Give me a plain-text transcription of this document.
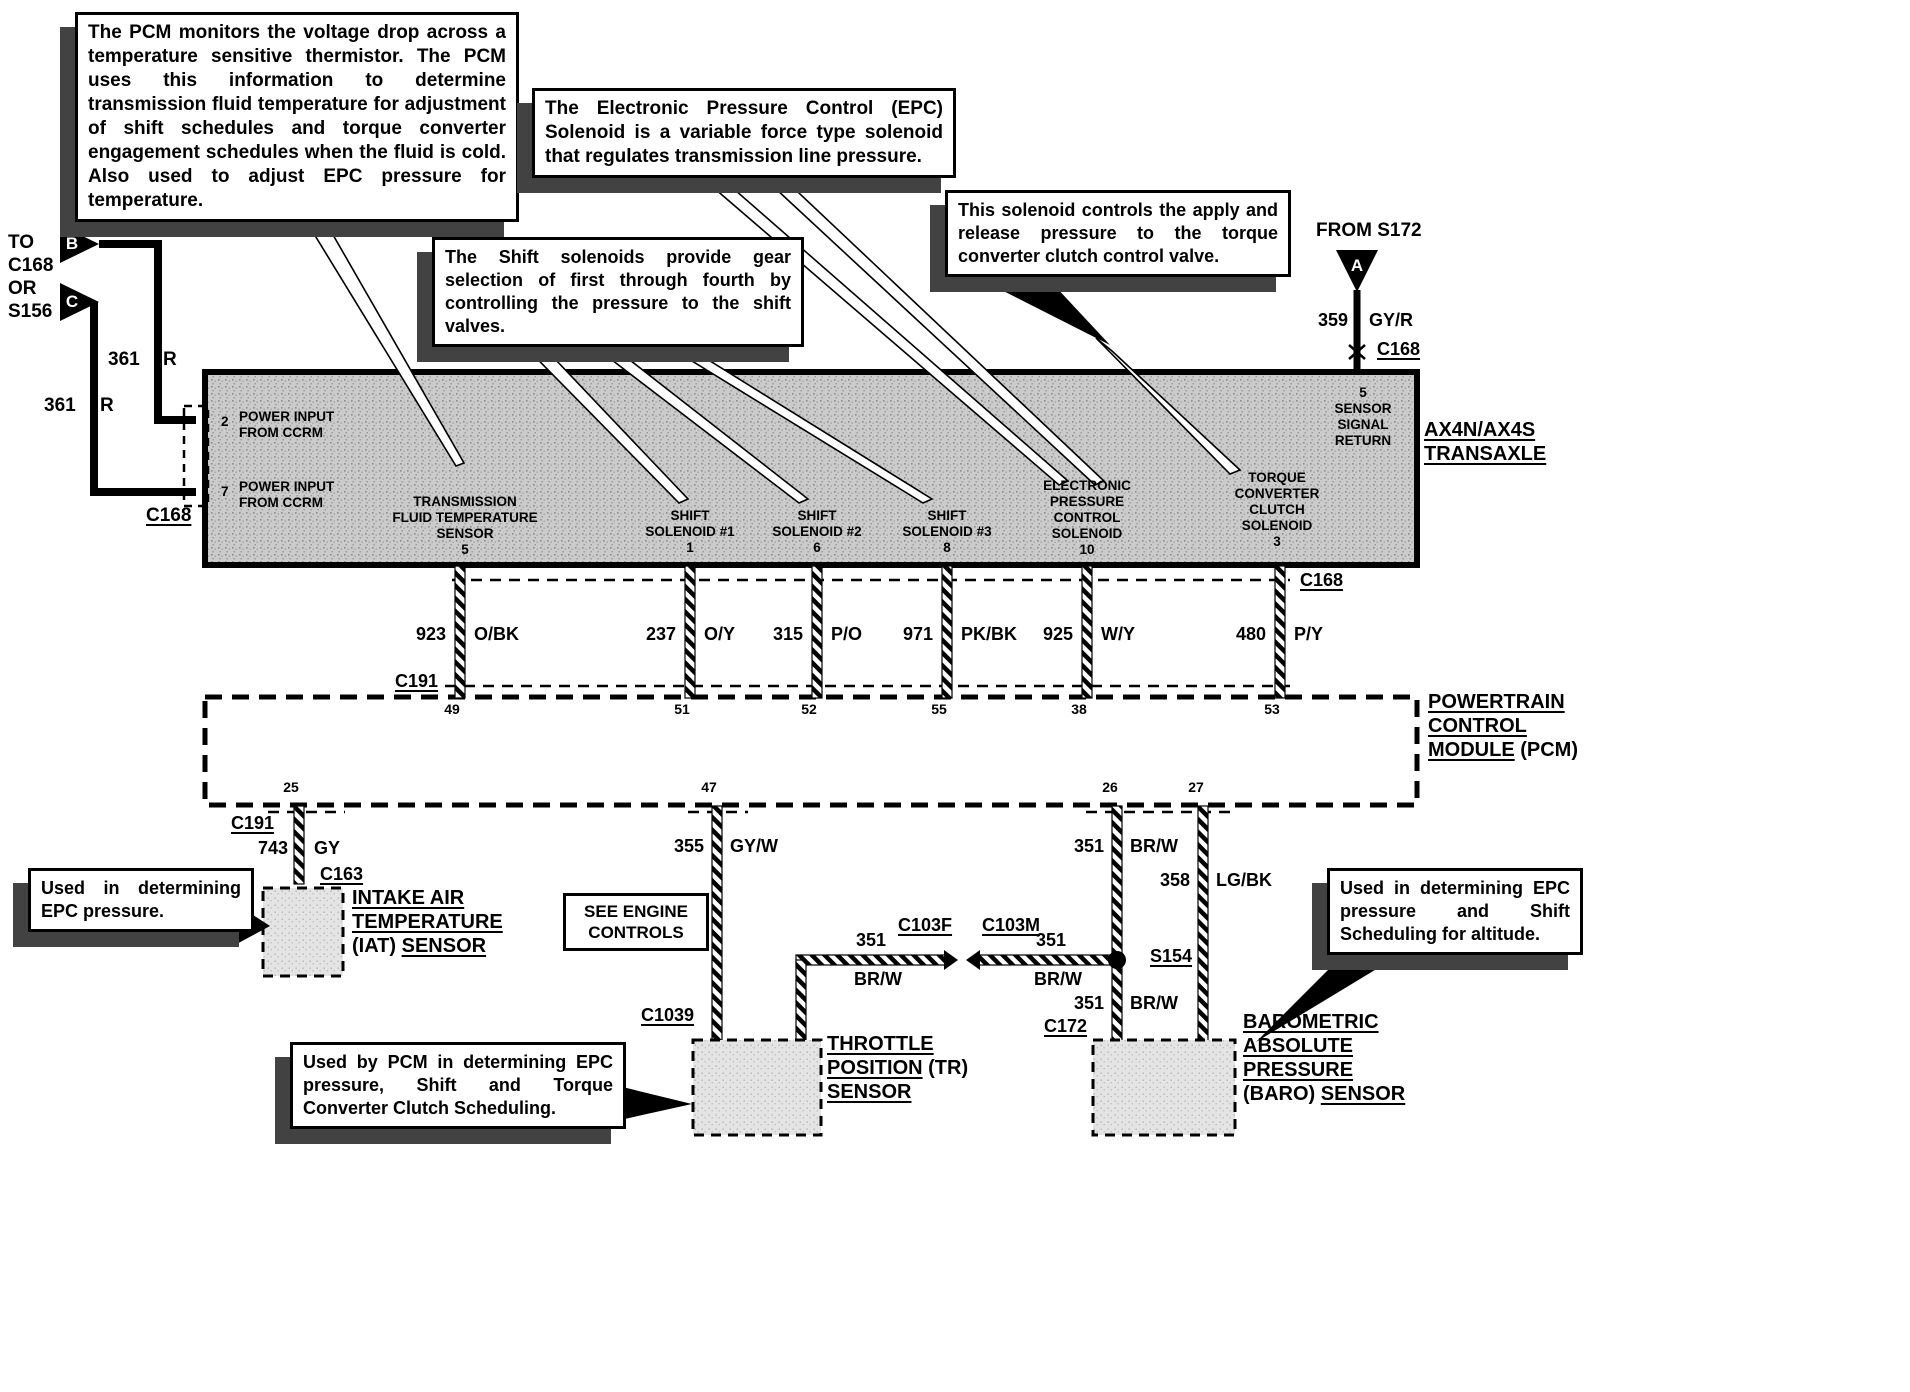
The PCM monitors the voltage drop across a temperature sensitive thermistor. The PCM uses this information to determine transmission fluid temperature for adjustment of shift schedules and torque converter engagement schedules when the fluid is cold. Also used to adjust EPC pressure for temperature.
The Electronic Pressure Control (EPC) Solenoid is a variable force type solenoid that regulates transmission line pressure.
The Shift solenoids provide gear selection of first through fourth by controlling the pressure to the shift valves.
This solenoid controls the apply and release pressure to the torque converter clutch control valve.
Used in determining EPC pressure.
Used in determining EPC pressure and Shift Scheduling for altitude.
Used by PCM in determining EPC pressure, Shift and Torque Converter Clutch Scheduling.
TO
C168
OR
S156
B
C
361 R
361 R
C168
FROM S172
A
359 GY/R
C168
2 POWER INPUT
FROM CCRM
7 POWER INPUT
FROM CCRM
5
SENSOR
SIGNAL
RETURN
TRANSMISSION
FLUID TEMPERATURE
SENSOR
5
SHIFT
SOLENOID #1
1
SHIFT
SOLENOID #2
6
SHIFT
SOLENOID #3
8
ELECTRONIC
PRESSURE
CONTROL
SOLENOID
10
TORQUE
CONVERTER
CLUTCH
SOLENOID
3
AX4N/AX4S
TRANSAXLE
C168
923 O/BK	237 O/Y 315 P/O 971 PK/BK 925 W/Y	480 P/Y
C191
49	51	52	55	38	53	POWERTRAIN
CONTROL
MODULE (PCM)
25	47	26	27
C191
743 GY
C163
INTAKE AIR
TEMPERATURE
(IAT) SENSOR
SEE ENGINE
CONTROLS
355 GY/W
C1039
351
BR/W
C103F C103M
351
BR/W
THROTTLE
POSITION (TR)
SENSOR
351 BR/W
358 LG/BK
S154
351 BR/W
C172	BAROMETRIC
ABSOLUTE
PRESSURE
(BARO) SENSOR
